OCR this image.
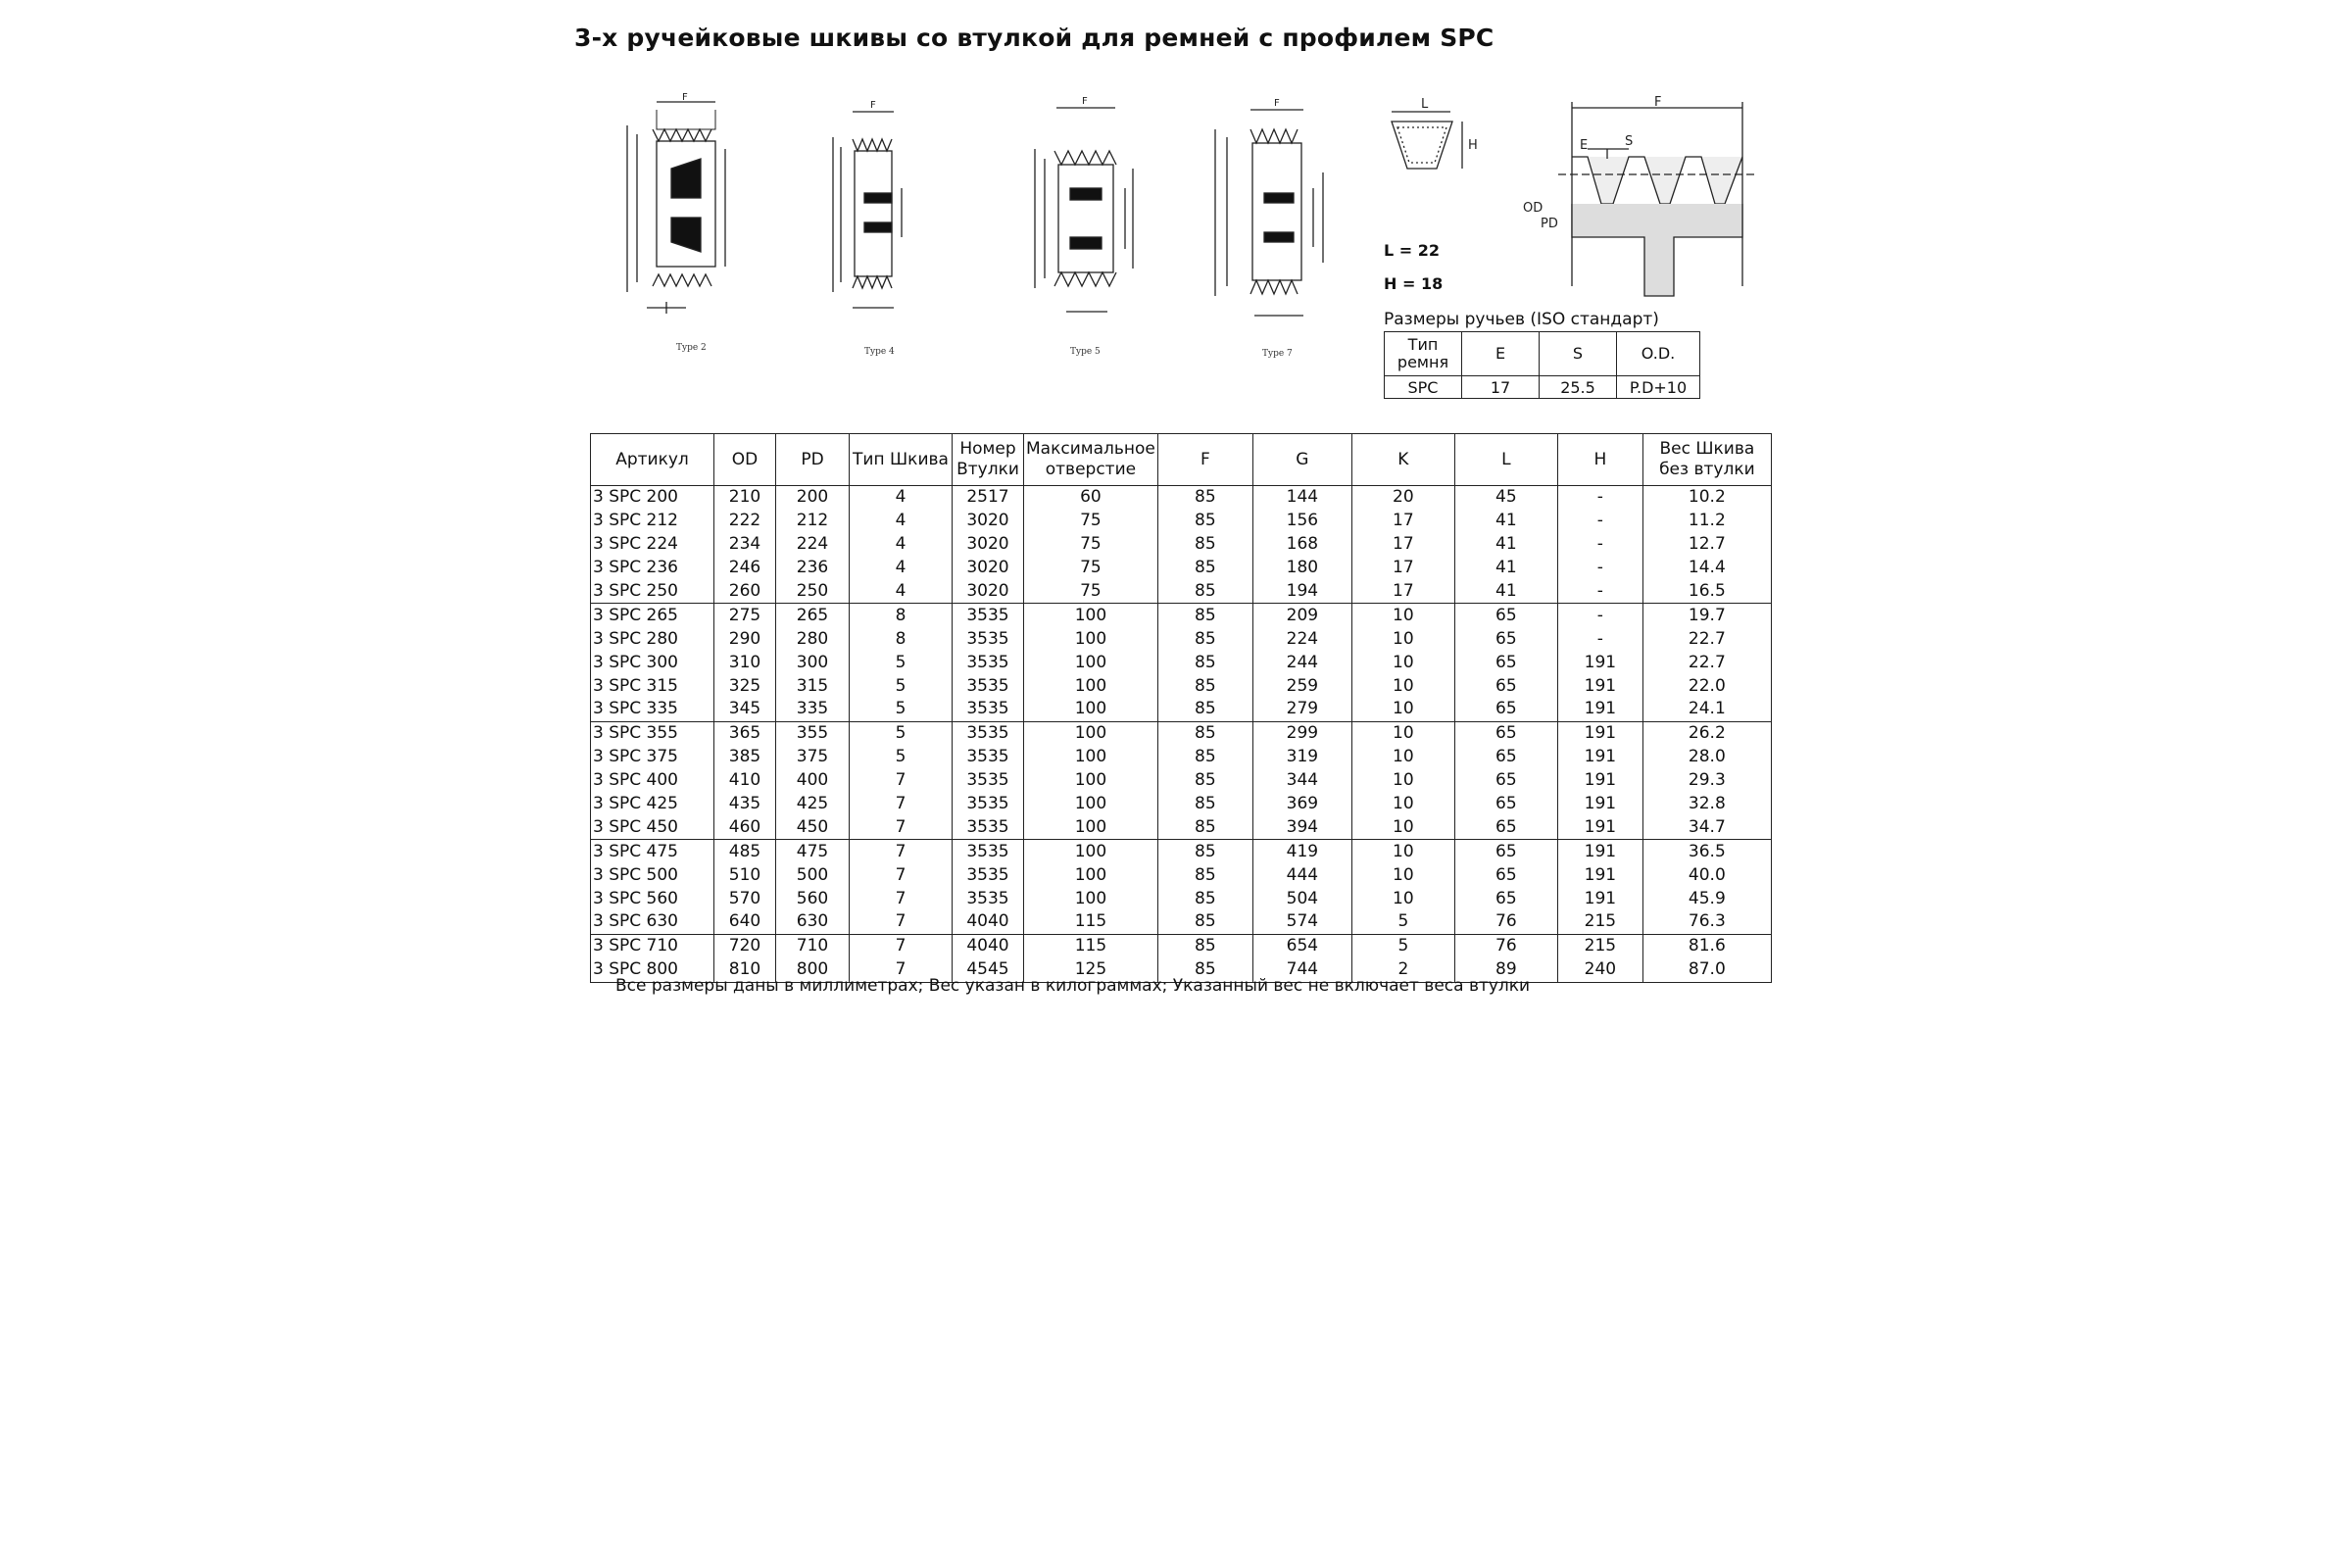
3-х ручейковые шкивы со втулкой для ремней с профилем SPC
F
F	F	F	L
H
F
E	S
OD
PD
Type 2	Type 4	Type 5	Type 7
L = 22
H = 18
Размеры ручьев (ISO стандарт)
Тип ремня	E	S	O.D.
SPC	17	25.5	P.D+10
Артикул	OD	PD	Тип Шкива	Номер Втулки	Максимальное отверстие	F	G	K	L	H	Вес Шкива без втулки
3 SPC 200	210	200	4	2517	60	85	144	20	45	-	10.2
3 SPC 212	222	212	4	3020	75	85	156	17	41	-	11.2
3 SPC 224	234	224	4	3020	75	85	168	17	41	-	12.7
3 SPC 236	246	236	4	3020	75	85	180	17	41	-	14.4
3 SPC 250	260	250	4	3020	75	85	194	17	41	-	16.5
3 SPC 265	275	265	8	3535	100	85	209	10	65	-	19.7
3 SPC 280	290	280	8	3535	100	85	224	10	65	-	22.7
3 SPC 300	310	300	5	3535	100	85	244	10	65	191	22.7
3 SPC 315	325	315	5	3535	100	85	259	10	65	191	22.0
3 SPC 335	345	335	5	3535	100	85	279	10	65	191	24.1
3 SPC 355	365	355	5	3535	100	85	299	10	65	191	26.2
3 SPC 375	385	375	5	3535	100	85	319	10	65	191	28.0
3 SPC 400	410	400	7	3535	100	85	344	10	65	191	29.3
3 SPC 425	435	425	7	3535	100	85	369	10	65	191	32.8
3 SPC 450	460	450	7	3535	100	85	394	10	65	191	34.7
3 SPC 475	485	475	7	3535	100	85	419	10	65	191	36.5
3 SPC 500	510	500	7	3535	100	85	444	10	65	191	40.0
3 SPC 560	570	560	7	3535	100	85	504	10	65	191	45.9
3 SPC 630	640	630	7	4040	115	85	574	5	76	215	76.3
3 SPC 710	720	710	7	4040	115	85	654	5	76	215	81.6
3 SPC 800	810	800	7	4545	125	85	744	2	89	240	87.0
Все размеры даны в миллиметрах; Вес указан в килограммах; Указанный вес не включает веса втулки
